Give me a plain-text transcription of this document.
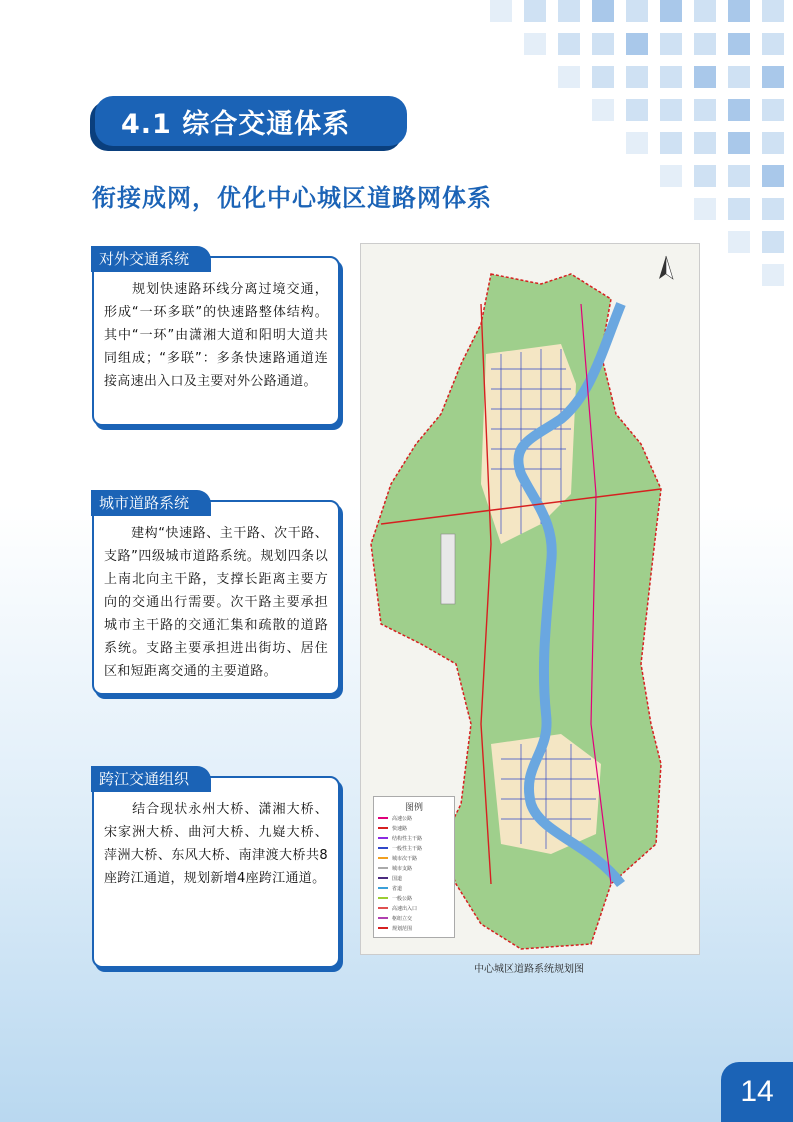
4.1 综合交通体系
衔接成网，优化中心城区道路网体系
对外交通系统
　　规划快速路环线分离过境交通，形成“一环多联”的快速路整体结构。其中“一环”由潇湘大道和阳明大道共同组成；“多联”：多条快速路通道连接高速出入口及主要对外公路通道。
城市道路系统
　　建构“快速路、主干路、次干路、支路”四级城市道路系统。规划四条以上南北向主干路，支撑长距离主要方向的交通出行需要。次干路主要承担城市主干路的交通汇集和疏散的道路系统。支路主要承担进出街坊、居住区和短距离交通的主要道路。
跨江交通组织
　　结合现状永州大桥、潇湘大桥、宋家洲大桥、曲河大桥、九嶷大桥、萍洲大桥、东风大桥、南津渡大桥共8座跨江通道，规划新增4座跨江通道。
图例
高速公路
快速路
结构性主干路
一般性主干路
城市次干路
城市支路
国道
省道
一般公路
高速出入口
枢纽立交
规划范围
中心城区道路系统规划图
14
